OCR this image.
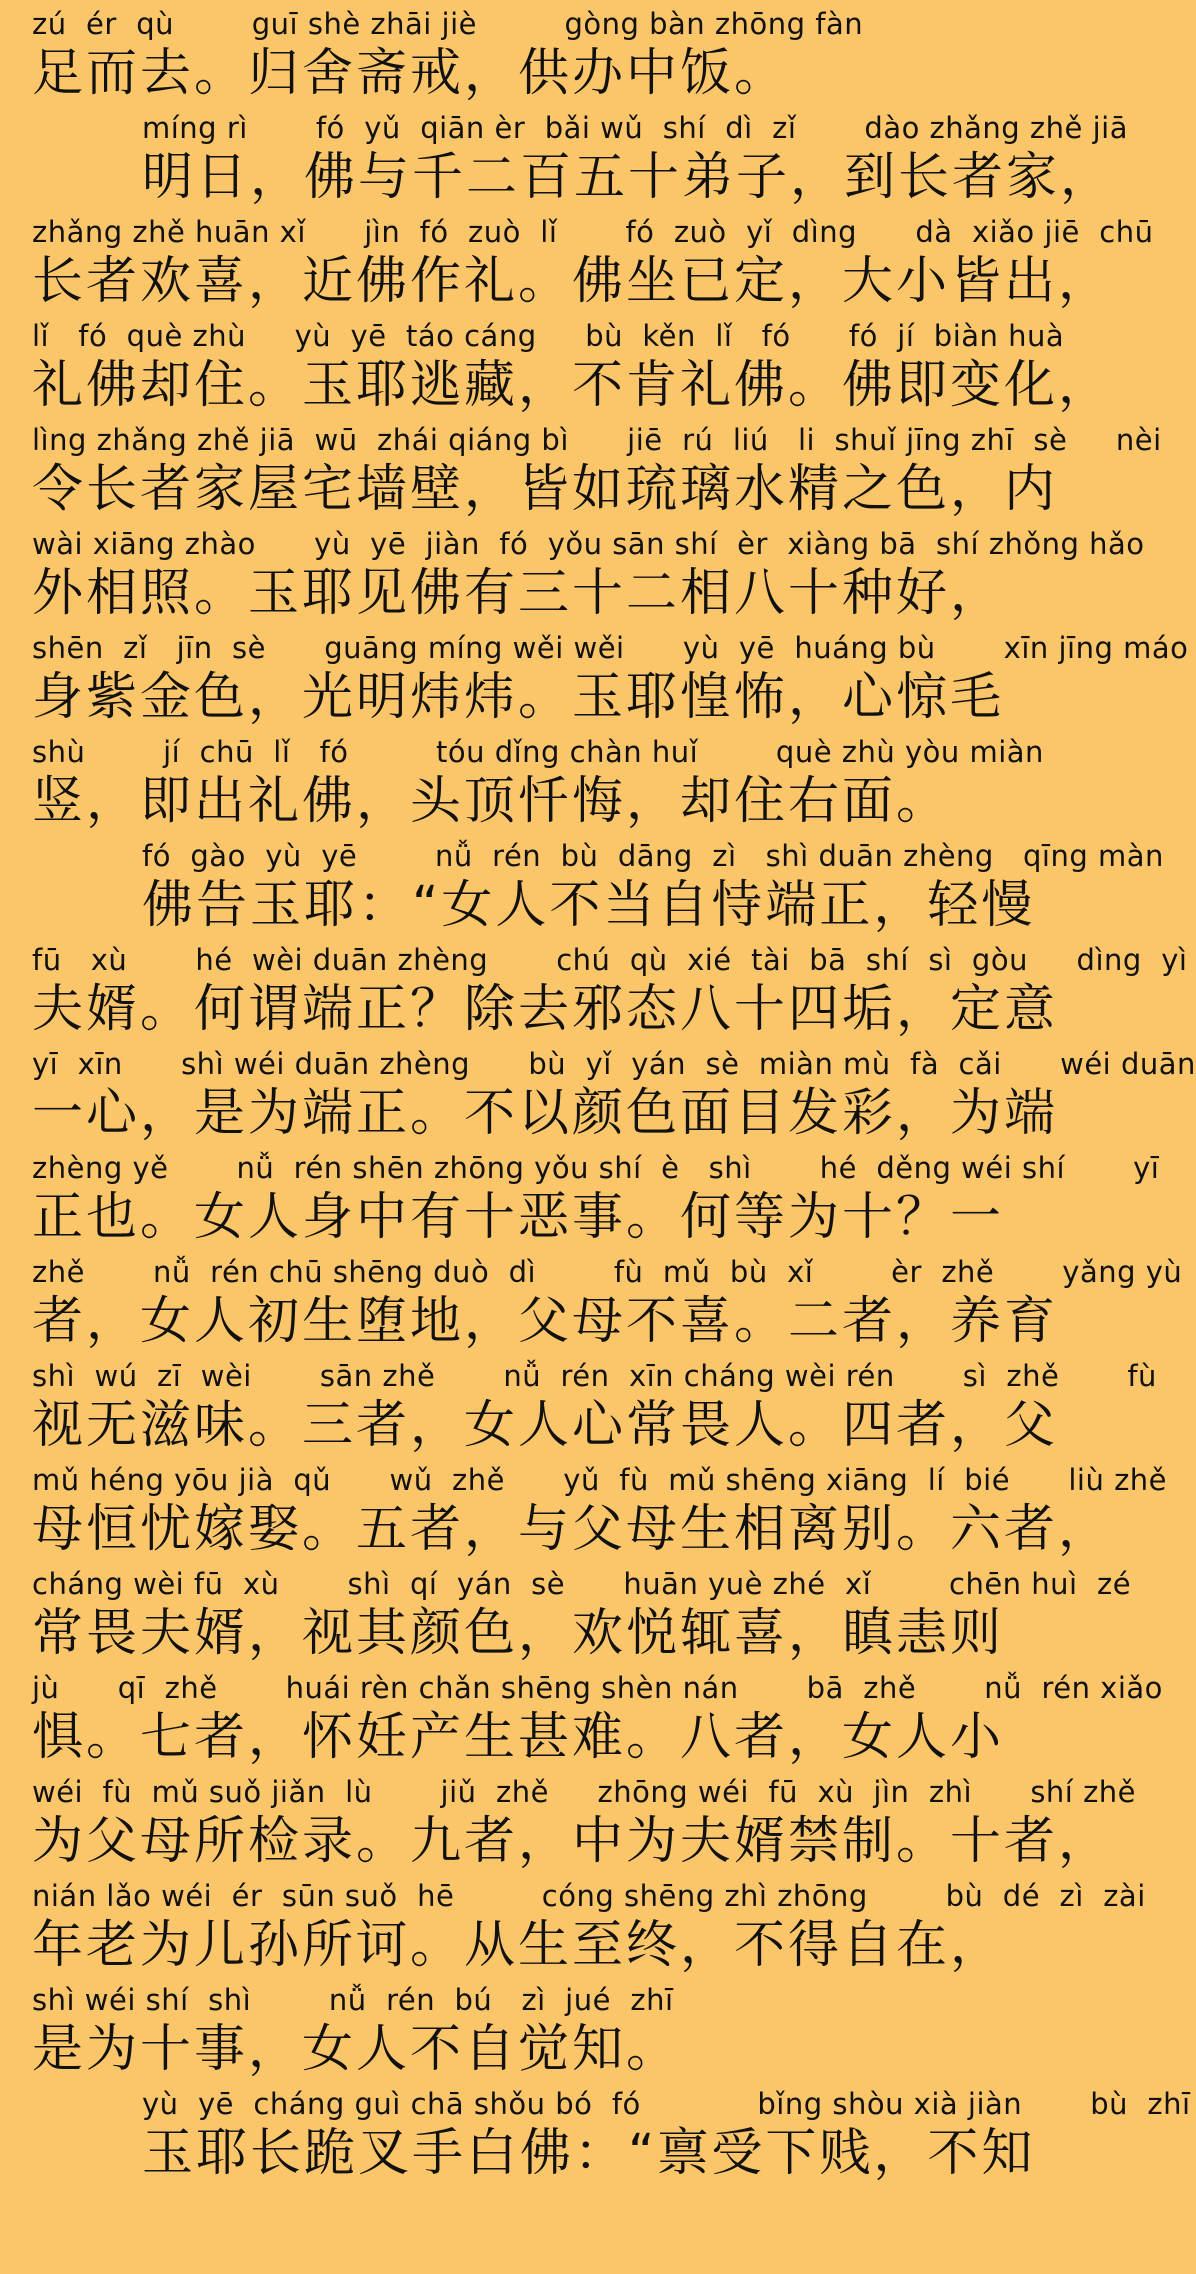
zú  ér  qù        guī shè zhāi jiè         gòng bàn zhōng fàn
足而去。归舍斋戒，供办中饭。
míng rì       fó  yǔ  qiān èr  bǎi wǔ  shí  dì  zǐ       dào zhǎng zhě jiā
明日，佛与千二百五十弟子，到长者家，
zhǎng zhě huān xǐ      jìn  fó  zuò  lǐ       fó  zuò  yǐ  dìng      dà  xiǎo jiē  chū
长者欢喜，近佛作礼。佛坐已定，大小皆出，
lǐ   fó  què zhù     yù  yē  táo cáng     bù  kěn  lǐ   fó      fó  jí  biàn huà
礼佛却住。玉耶逃藏，不肯礼佛。佛即变化，
lìng zhǎng zhě jiā  wū  zhái qiáng bì      jiē  rú  liú   li  shuǐ jīng zhī  sè     nèi
令长者家屋宅墙壁，皆如琉璃水精之色，内
wài xiāng zhào      yù  yē  jiàn  fó  yǒu sān shí  èr  xiàng bā  shí zhǒng hǎo
外相照。玉耶见佛有三十二相八十种好，
shēn  zǐ   jīn  sè      guāng míng wěi wěi      yù  yē  huáng bù       xīn jīng máo
身紫金色，光明炜炜。玉耶惶怖，心惊毛
shù        jí  chū  lǐ   fó         tóu dǐng chàn huǐ        què zhù yòu miàn
竖，即出礼佛，头顶忏悔，却住右面。
fó  gào  yù  yē        nǚ  rén  bù  dāng  zì   shì duān zhèng   qīng màn
佛告玉耶：“女人不当自恃端正，轻慢
fū   xù       hé  wèi duān zhèng       chú  qù  xié  tài  bā  shí  sì  gòu     dìng  yì
夫婿。何谓端正？除去邪态八十四垢，定意
yī  xīn      shì wéi duān zhèng      bù  yǐ  yán  sè  miàn mù  fà  cǎi      wéi duān
一心，是为端正。不以颜色面目发彩，为端
zhèng yě       nǚ  rén shēn zhōng yǒu shí  è   shì       hé  děng wéi shí       yī
正也。女人身中有十恶事。何等为十？一
zhě       nǚ  rén chū shēng duò  dì        fù  mǔ  bù  xǐ        èr  zhě       yǎng yù
者，女人初生堕地，父母不喜。二者，养育
shì  wú  zī  wèi       sān zhě       nǚ  rén  xīn cháng wèi rén       sì  zhě       fù
视无滋味。三者，女人心常畏人。四者，父
mǔ héng yōu jià  qǔ      wǔ  zhě      yǔ  fù  mǔ shēng xiāng  lí  bié      liù zhě
母恒忧嫁娶。五者，与父母生相离别。六者，
cháng wèi fū  xù       shì  qí  yán  sè      huān yuè zhé  xǐ        chēn huì  zé
常畏夫婿，视其颜色，欢悦辄喜，瞋恚则
jù      qī  zhě       huái rèn chǎn shēng shèn nán       bā  zhě       nǚ  rén xiǎo
惧。七者，怀妊产生甚难。八者，女人小
wéi  fù  mǔ suǒ jiǎn  lù       jiǔ  zhě     zhōng wéi  fū  xù  jìn  zhì      shí zhě
为父母所检录。九者，中为夫婿禁制。十者，
nián lǎo wéi  ér  sūn suǒ  hē         cóng shēng zhì zhōng        bù  dé  zì  zài
年老为儿孙所诃。从生至终，不得自在，
shì wéi shí  shì        nǚ  rén  bú   zì  jué  zhī
是为十事，女人不自觉知。
yù  yē  cháng guì chā shǒu bó  fó            bǐng shòu xià jiàn       bù  zhī
玉耶长跪叉手白佛：“禀受下贱，不知
